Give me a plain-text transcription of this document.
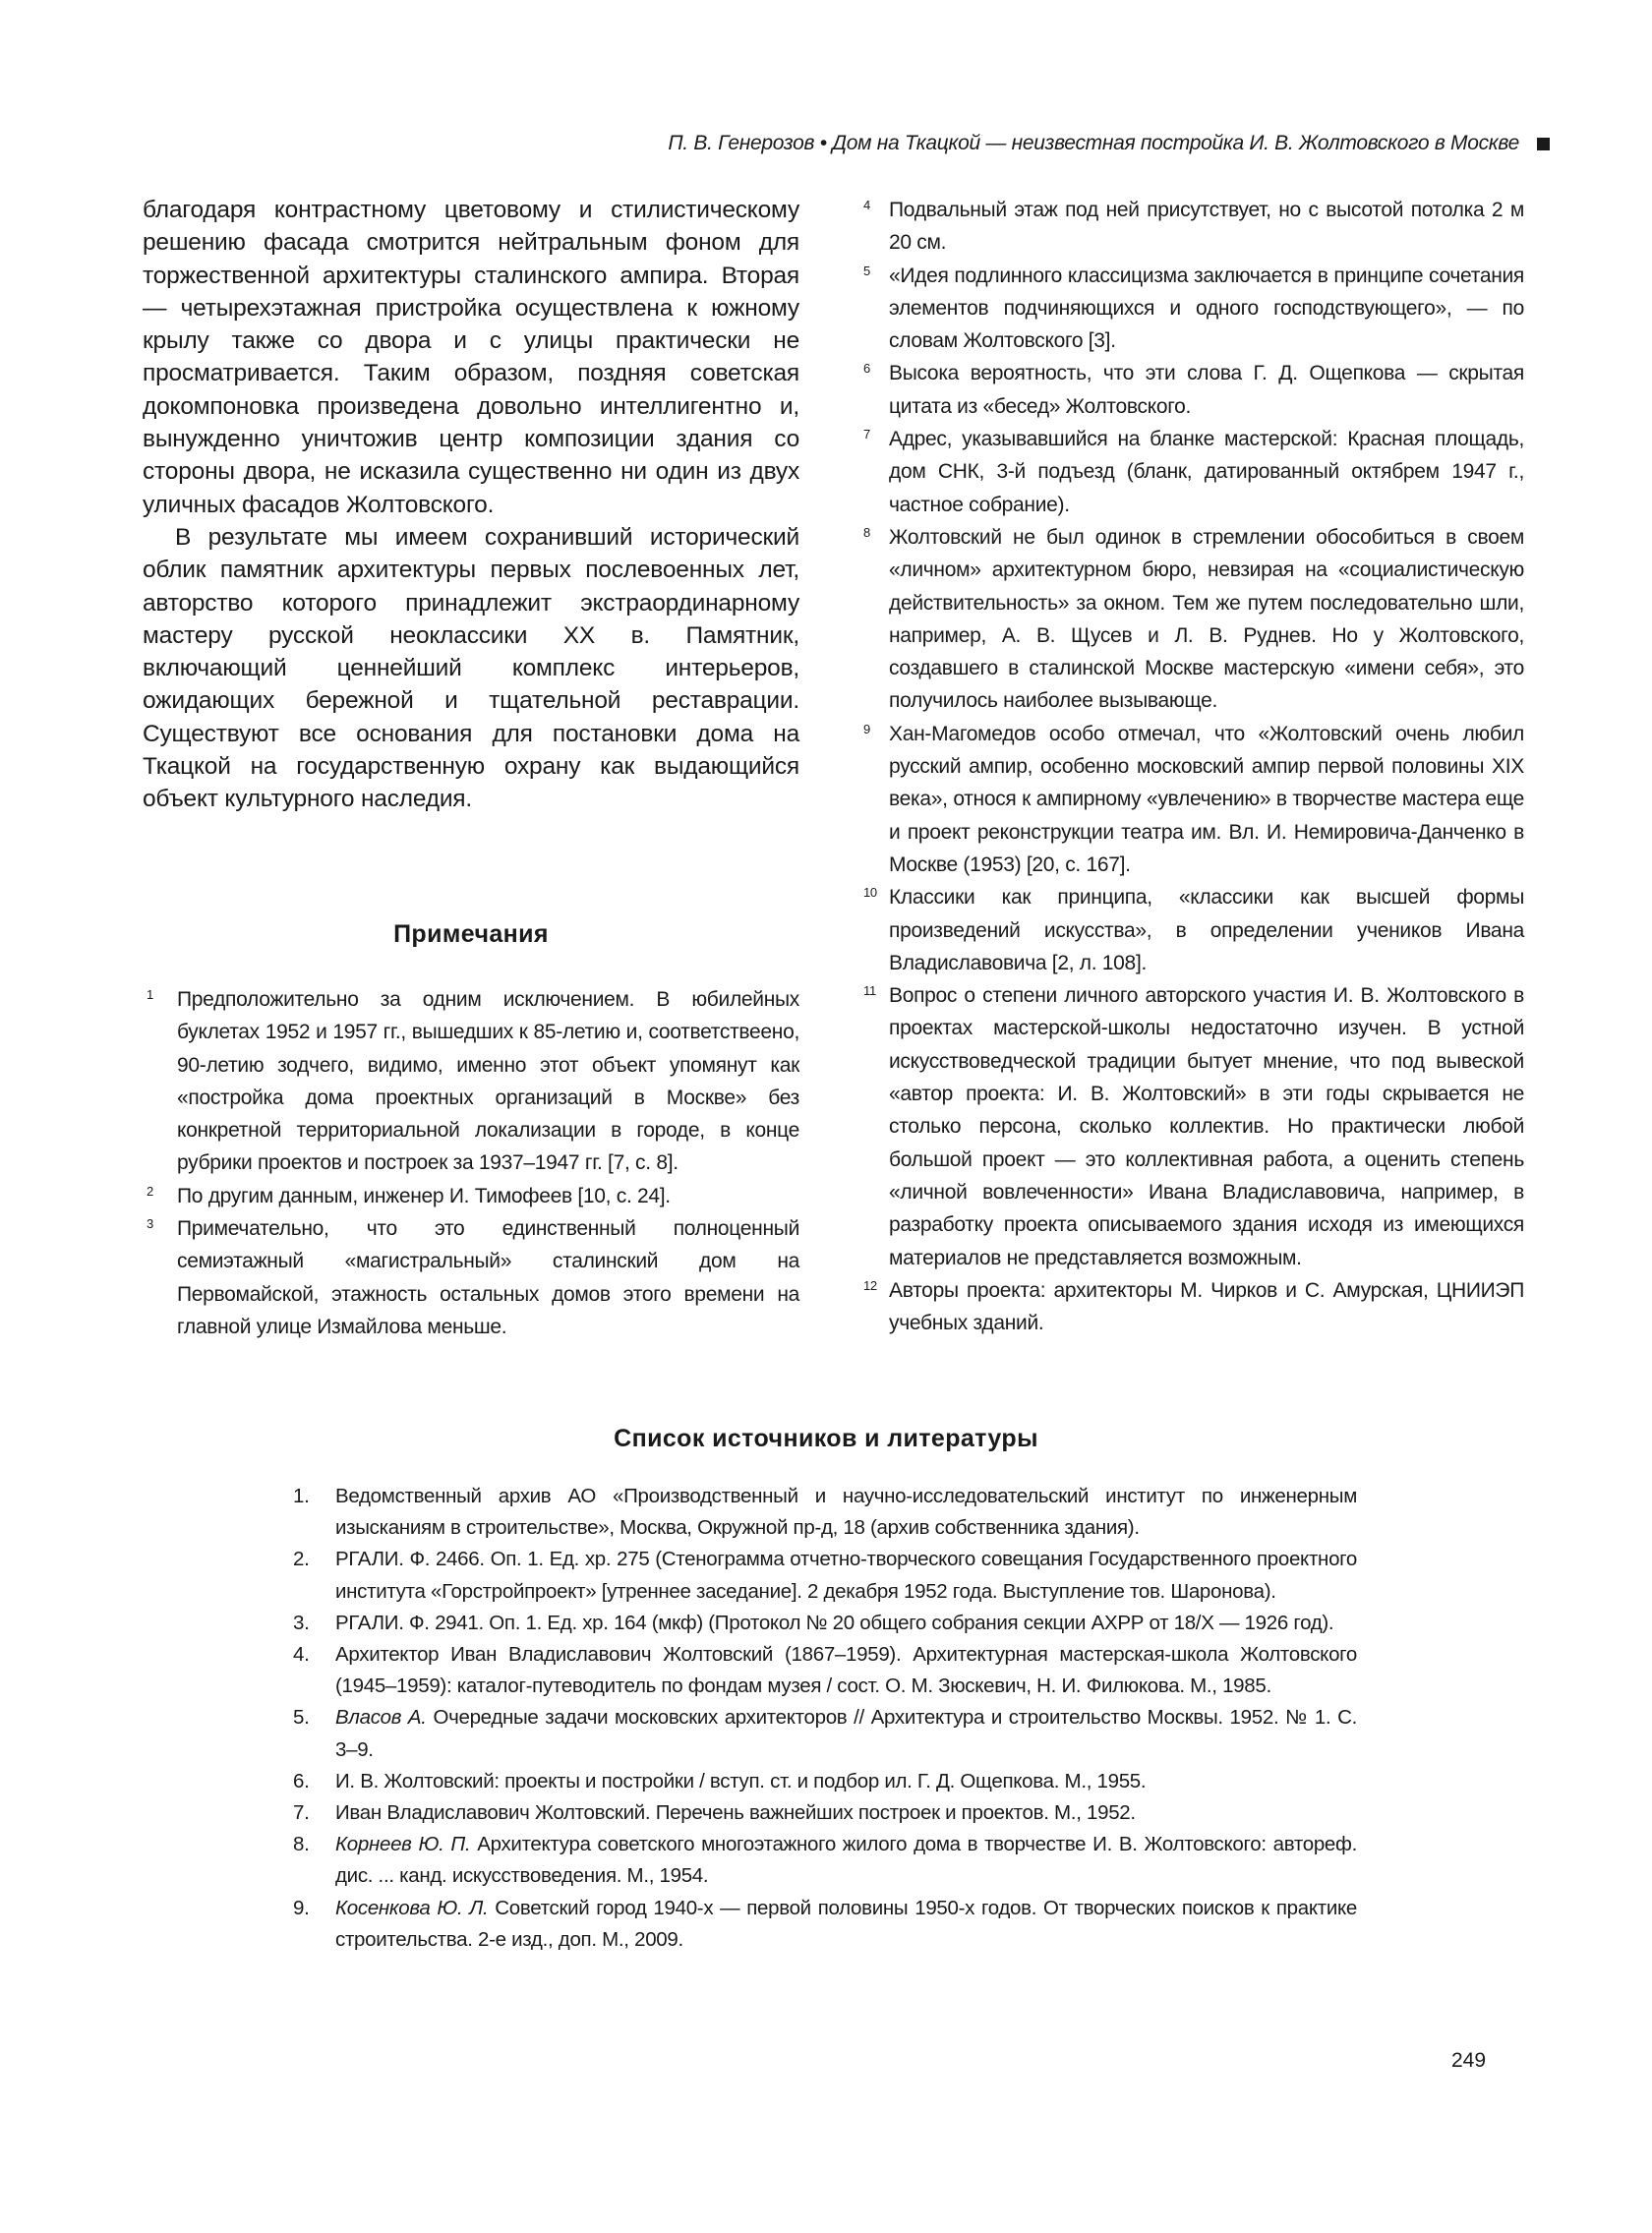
П. В. Генерозов • Дом на Ткацкой — неизвестная постройка И. В. Жолтовского в Москве

благодаря контрастному цветовому и стилистическому решению фасада смотрится нейтральным фоном для торжественной архитектуры сталинского ампира. Вторая — четырехэтажная пристройка осуществлена к южному крылу также со двора и с улицы практически не просматривается. Таким образом, поздняя советская докомпоновка произведена довольно интеллигентно и, вынужденно уничтожив центр композиции здания со стороны двора, не исказила существенно ни один из двух уличных фасадов Жолтовского.

В результате мы имеем сохранивший исторический облик памятник архитектуры первых послевоенных лет, авторство которого принадлежит экстраординарному мастеру русской неоклассики XX в. Памятник, включающий ценнейший комплекс интерьеров, ожидающих бережной и тщательной реставрации. Существуют все основания для постановки дома на Ткацкой на государственную охрану как выдающийся объект культурного наследия.

Примечания
1	Предположительно за одним исключением. В юбилейных буклетах 1952 и 1957 гг., вышедших к 85-летию и, соответствеено, 90-летию зодчего, видимо, именно этот объект упомянут как «постройка дома проектных организаций в Москве» без конкретной территориальной локализации в городе, в конце рубрики проектов и построек за 1937–1947 гг. [7, с. 8].
2	По другим данным, инженер И. Тимофеев [10, с. 24].
3	Примечательно, что это единственный полноценный семиэтажный «магистральный» сталинский дом на Первомайской, этажность остальных домов этого времени на главной улице Измайлова меньше.
4 Подвальный этаж под ней присутствует, но с высотой потолка 2 м 20 см.
5 «Идея подлинного классицизма заключается в принципе сочетания элементов подчиняющихся и одного господствующего», — по словам Жолтовского [3].
6 Высока вероятность, что эти слова Г. Д. Ощепкова — скрытая цитата из «бесед» Жолтовского.
7 Адрес, указывавшийся на бланке мастерской: Красная площадь, дом СНК, 3-й подъезд (бланк, датированный октябрем 1947 г., частное собрание).
8 Жолтовский не был одинок в стремлении обособиться в своем «личном» архитектурном бюро, невзирая на «социалистическую действительность» за окном. Тем же путем последовательно шли, например, А. В. Щусев и Л. В. Руднев. Но у Жолтовского, создавшего в сталинской Москве мастерскую «имени себя», это получилось наиболее вызывающе.
9 Хан-Магомедов особо отмечал, что «Жолтовский очень любил русский ампир, особенно московский ампир первой половины XIX века», относя к ампирному «увлечению» в творчестве мастера еще и проект реконструкции театра им. Вл. И. Немировича-Данченко в Москве (1953) [20, с. 167].
10 Классики как принципа, «классики как высшей формы произведений искусства», в определении учеников Ивана Владиславовича [2, л. 108].
11 Вопрос о степени личного авторского участия И. В. Жолтовского в проектах мастерской-школы недостаточно изучен. В устной искусствоведческой традиции бытует мнение, что под вывеской «автор проекта: И. В. Жолтовский» в эти годы скрывается не столько персона, сколько коллектив. Но практически любой большой проект — это коллективная работа, а оценить степень «личной вовлеченности» Ивана Владиславовича, например, в разработку проекта описываемого здания исходя из имеющихся материалов не представляется возможным.
12 Авторы проекта: архитекторы М. Чирков и С. Амурская, ЦНИИЭП учебных зданий.
Список источников и литературы
1.	Ведомственный архив АО «Производственный и научно-исследовательский институт по инженерным изысканиям в строительстве», Москва, Окружной пр-д, 18 (архив собственника здания).
2.	РГАЛИ. Ф. 2466. Оп. 1. Ед. хр. 275 (Стенограмма отчетно-творческого совещания Государственного проектного института «Горстройпроект» [утреннее заседание]. 2 декабря 1952 года. Выступление тов. Шаронова).
3.	РГАЛИ. Ф. 2941. Оп. 1. Ед. хр. 164 (мкф) (Протокол № 20 общего собрания секции АХРР от 18/X — 1926 год).
4.	Архитектор Иван Владиславович Жолтовский (1867–1959). Архитектурная мастерская-школа Жолтовского (1945–1959): каталог-путеводитель по фондам музея / сост. О. М. Зюскевич, Н. И. Филюкова. М., 1985.
5.	Власов А. Очередные задачи московских архитекторов // Архитектура и строительство Москвы. 1952. № 1. С. 3–9.
6.	И. В. Жолтовский: проекты и постройки / вступ. ст. и подбор ил. Г. Д. Ощепкова. М., 1955.
7.	Иван Владиславович Жолтовский. Перечень важнейших построек и проектов. М., 1952.
8.	Корнеев Ю. П. Архитектура советского многоэтажного жилого дома в творчестве И. В. Жолтовского: автореф. дис. ... канд. искусствоведения. М., 1954.
9.	Косенкова Ю. Л. Советский город 1940-х — первой половины 1950-х годов. От творческих поисков к практике строительства. 2-е изд., доп. М., 2009.
249
